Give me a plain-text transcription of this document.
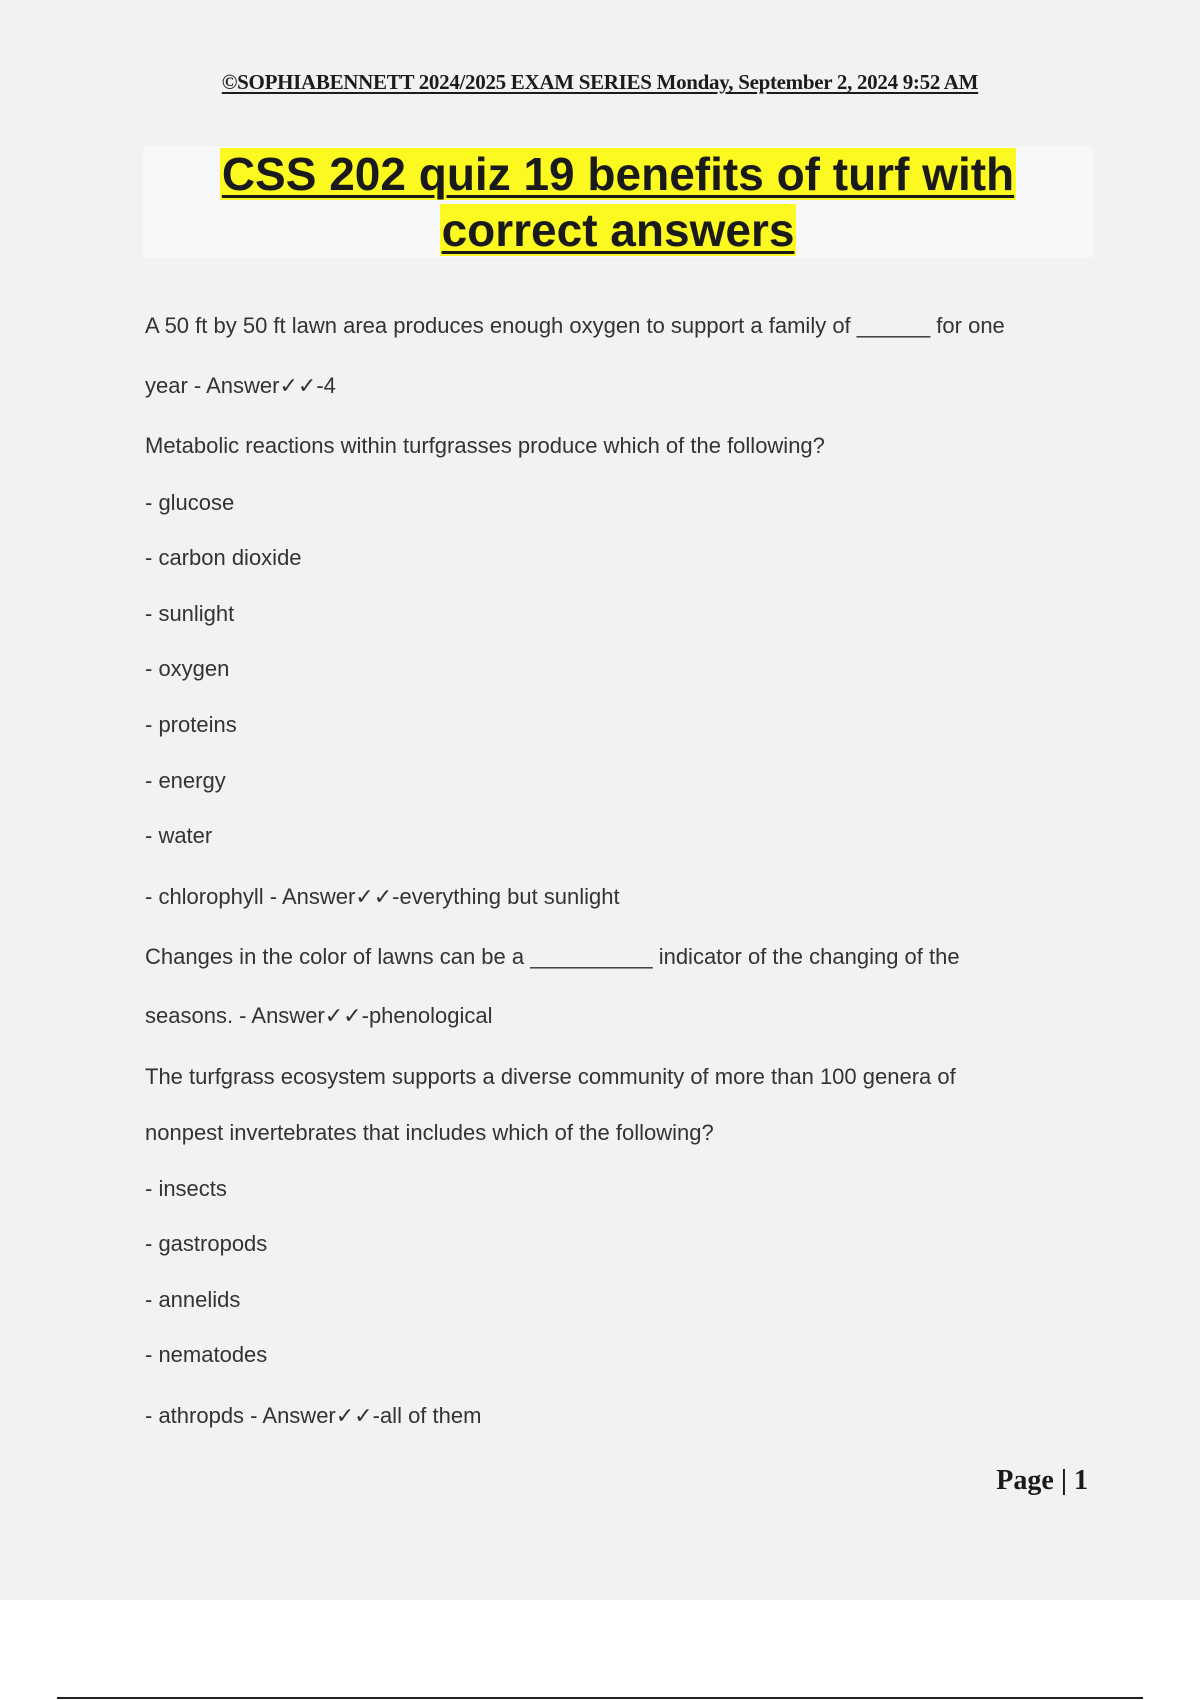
©SOPHIABENNETT 2024/2025 EXAM SERIES Monday, September 2, 2024 9:52 AM
CSS 202 quiz 19 benefits of turf with
correct answers
A 50 ft by 50 ft lawn area produces enough oxygen to support a family of ______ for one
year - Answer✓✓-4
Metabolic reactions within turfgrasses produce which of the following?
- glucose
- carbon dioxide
- sunlight
- oxygen
- proteins
- energy
- water
- chlorophyll - Answer✓✓-everything but sunlight
Changes in the color of lawns can be a __________ indicator of the changing of the
seasons. - Answer✓✓-phenological
The turfgrass ecosystem supports a diverse community of more than 100 genera of
nonpest invertebrates that includes which of the following?
- insects
- gastropods
- annelids
- nematodes
- athropds - Answer✓✓-all of them
Page | 1
